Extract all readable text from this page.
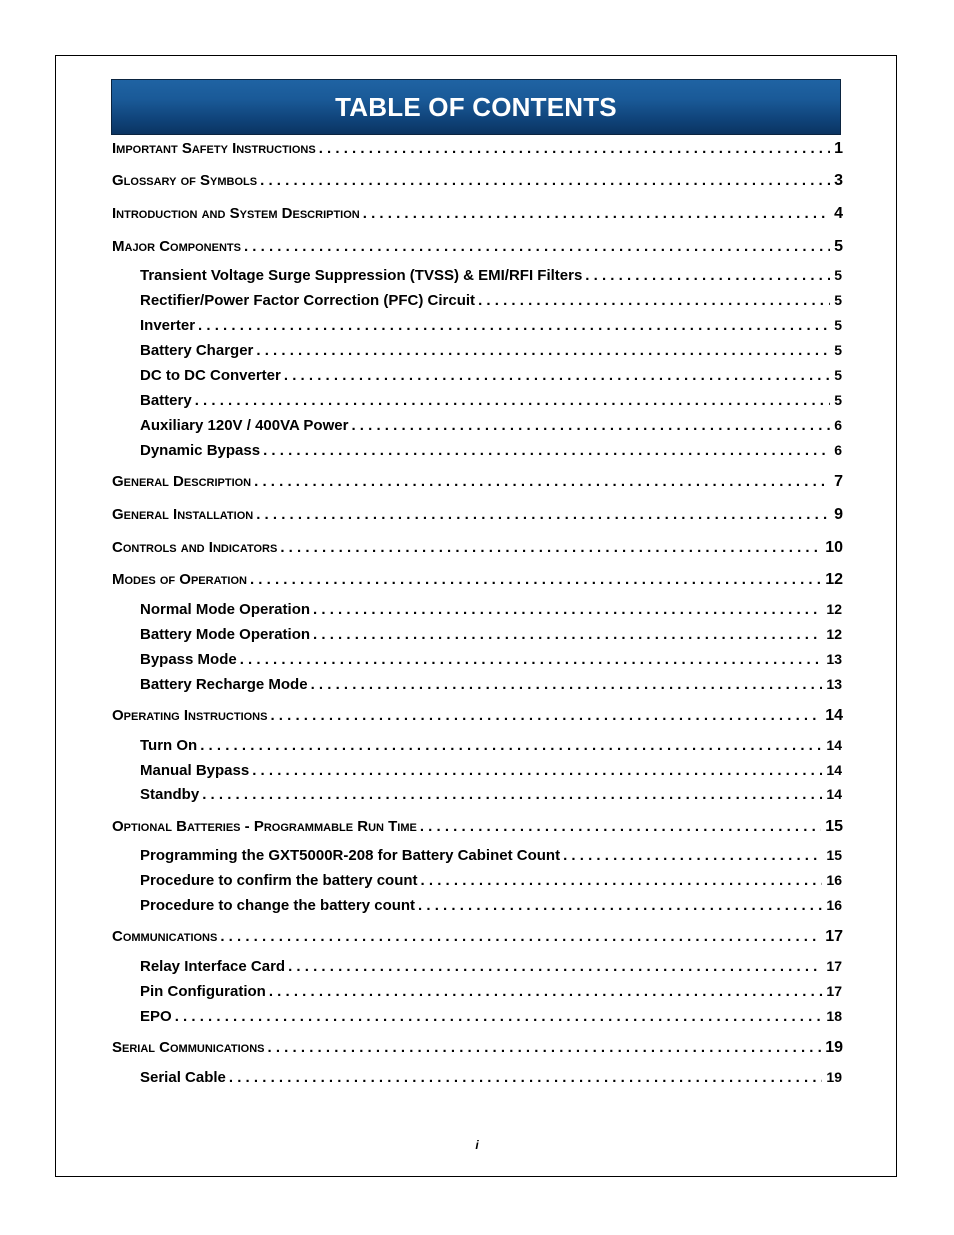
TABLE OF CONTENTS
Important Safety Instructions . . .	1
Glossary of Symbols . . .	3
Introduction and System Description . . .	4
Major Components . . .	5
Transient Voltage Surge Suppression (TVSS) & EMI/RFI Filters . . .	5
Rectifier/Power Factor Correction (PFC) Circuit . . .	5
Inverter . . .	5
Battery Charger . . .	5
DC to DC Converter . . .	5
Battery . . .	5
Auxiliary 120V / 400VA Power . . .	6
Dynamic Bypass . . .	6
General Description . . .	7
General Installation . . .	9
Controls and Indicators . . .	10
Modes of Operation . . .	12
Normal Mode Operation . . .	12
Battery Mode Operation . . .	12
Bypass Mode . . .	13
Battery Recharge Mode . . .	13
Operating Instructions . . .	14
Turn On . . .	14
Manual Bypass . . .	14
Standby . . .	14
Optional Batteries - Programmable Run Time . . .	15
Programming the GXT5000R-208 for Battery Cabinet Count . . .	15
Procedure to confirm the battery count . . .	16
Procedure to change the battery count . . .	16
Communications . . .	17
Relay Interface Card . . .	17
Pin Configuration . . .	17
EPO . . .	18
Serial Communications . . .	19
Serial Cable . . .	19
i
